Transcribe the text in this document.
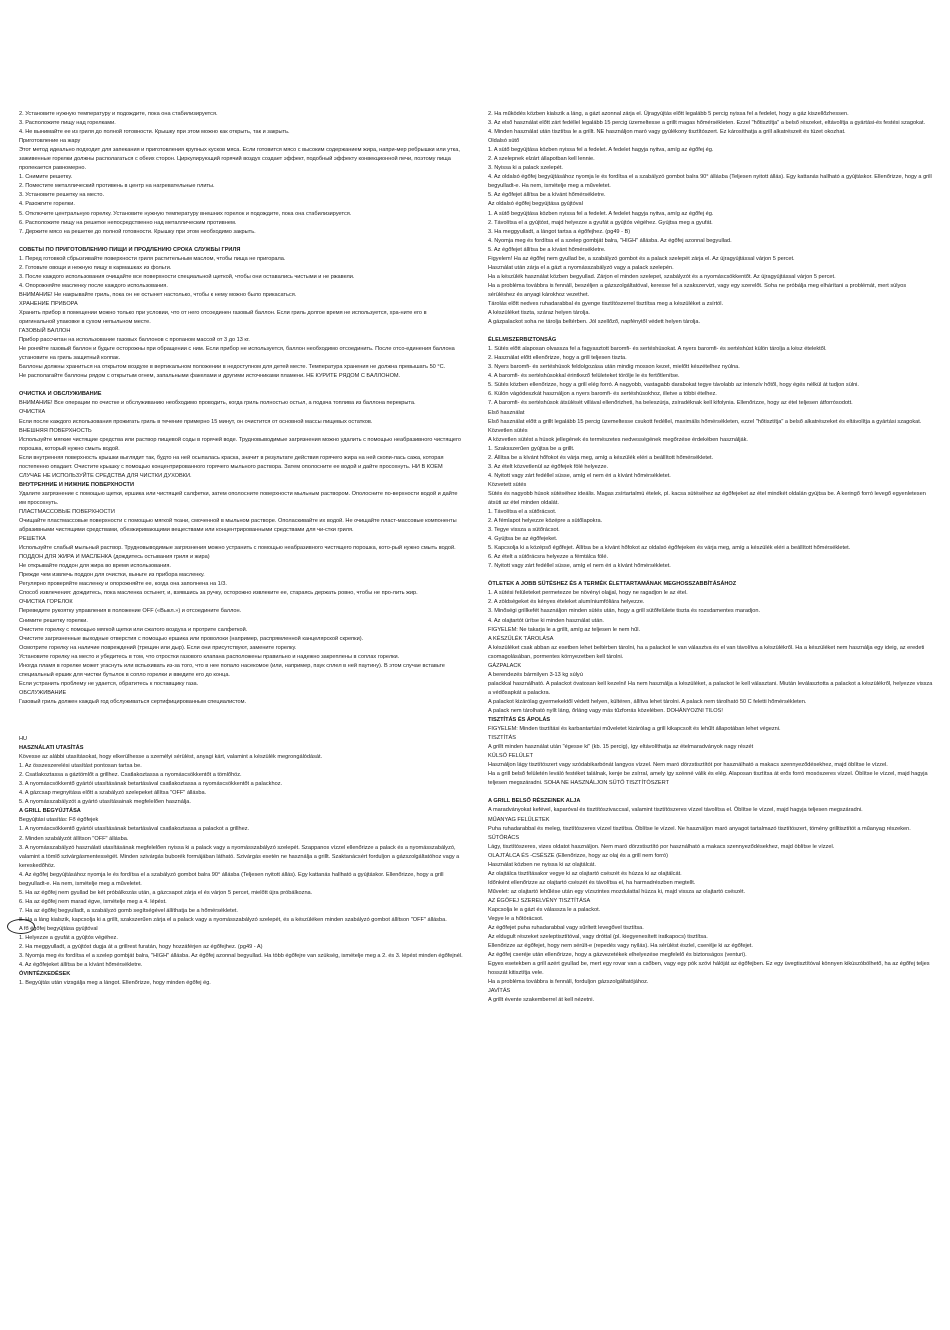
2. Установите нужную температуру и подождите, пока она стабилизируется.

3. Расположите пищу над горелками.

4. Не вынимайте ее из гриля до полной готовности. Крышку при этом можно как открыть, так и закрыть.

Приготовление на жару

Этот метод идеально подходит для запекания и приготовления крупных кусков мяса. Если готовится мясо с высоким содержанием жира, напри-мер ребрышки или утка, заживенные горелки должны располагаться с обеих сторон. Циркулирующий горячий воздух создает эффект, подобный эффекту конвекционной печи, поэтому пища пропекается равномерно.

1. Снимите решетку.

2. Поместите металлический противень в центр на нагревательные плиты.

3. Установите решетку на место.

4. Разожгите горелки.

5. Отключите центральную горелку. Установите нужную температуру внешних горелок и подождите, пока она стабилизируется.

6. Расположите пищу на решетке непосредственно над металлическим противнем.

7. Держите мясо на решетке до полной готовности. Крышку при этом необходимо закрыть.

СОВЕТЫ ПО ПРИГОТОВЛЕНИЮ ПИЩИ И ПРОДЛЕНИЮ СРОКА СЛУЖБЫ ГРИЛЯ

1. Перед готовкой сбрызгивайте поверхности гриля растительным маслом, чтобы пища не пригорала.

2. Готовьте овощи и нежную пищу в кармашках из фольги.

3. После каждого использования очищайте все поверхности специальной щеткой, чтобы они оставались чистыми и не ржавели.

4. Опорожняйте масленку после каждого использования.

ВНИМАНИЕ! Не накрывайте гриль, пока он не остынет настолько, чтобы к нему можно было прикасаться.

ХРАНЕНИЕ ПРИБОРА

Хранить прибор в помещении можно только при условии, что от него отсоединен газовый баллон. Если гриль долгое время не используется, хра-ните его в оригинальной упаковке в сухом непыльном месте.

ГАЗОВЫЙ БАЛЛОН

Прибор рассчитан на использование газовых баллонов с пропаном массой от 3 до 13 кг.

Не роняйте газовый баллон и будьте осторожны при обращении с ним. Если прибор не используется, баллон необходимо отсоединить. После отсо-единения баллона установите на гриль защитный колпак.

Баллоны должны храниться на открытом воздухе в вертикальном положении в недоступном для детей месте. Температура хранения не должна превышать 50 °C.

Не располагайте баллоны рядом с открытым огнем, запальными факелами и другими источниками пламени. НЕ КУРИТЕ РЯДОМ С БАЛЛОНОМ.

ОЧИСТКА И ОБСЛУЖИВАНИЕ

ВНИМАНИЕ! Все операции по очистке и обслуживанию необходимо проводить, когда гриль полностью остыл, а подача топлива из баллона перекрыта.

ОЧИСТКА

Если после каждого использования прожигать гриль в течение примерно 15 минут, он очистится от основной массы пищевых остатков.

ВНЕШНЯЯ ПОВЕРХНОСТЬ

Используйте мягкие чистящие средства или раствор пищевой соды в горячей воде. Трудновыводимые загрязнения можно удалить с помощью неабразивного чистящего порошка, который нужно смыть водой.

Если внутренняя поверхность крышки выглядит так, будто на ней осыпалась краска, значит в результате действия горячего жира на ней скопи-лась сажа, которая постепенно опадает. Очистите крышку с помощью концентрированного горячего мыльного раствора. Затем ополосните ее водой и дайте просохнуть. НИ В КОЕМ СЛУЧАЕ НЕ ИСПОЛЬЗУЙТЕ СРЕДСТВА ДЛЯ ЧИСТКИ ДУХОВКИ.

ВНУТРЕННИЕ И НИЖНИЕ ПОВЕРХНОСТИ

Удалите загрязнение с помощью щетки, ершика или чистящей салфетки, затем ополосните поверхности мыльным раствором. Ополосните по-верхности водой и дайте им просохнуть.

ПЛАСТМАССОВЫЕ ПОВЕРХНОСТИ

Очищайте пластмассовые поверхности с помощью мягкой ткани, смоченной в мыльном растворе. Ополаскивайте их водой. Не очищайте пласт-массовые компоненты абразивными чистящими средствами, обезжиривающими веществами или концентрированными средствами для чи-стки гриля.

РЕШЕТКА

Используйте слабый мыльный раствор. Трудновыводимые загрязнения можно устранить с помощью неабразивного чистящего порошка, кото-рый нужно смыть водой.

ПОДДОН ДЛЯ ЖИРА И МАСЛЕНКА (дождитесь остывания гриля и жира)

Не открывайте поддон для жира во время использования.

Прежде чем извлечь поддон для очистки, выньте из прибора масленку.

Регулярно проверяйте масленку и опорожняйте ее, когда она заполнена на 1/3.

Способ извлечения: дождитесь, пока масленка остынет, и, взявшись за ручку, осторожно извлеките ее, стараясь держать ровно, чтобы не про-лить жир.

ОЧИСТКА ГОРЕЛОК

Переведите рукоятку управления в положение OFF («Выкл.») и отсоедините баллон.

Снимите решетку горелки.

Очистите горелку с помощью мягкой щетки или сжатого воздуха и протрите салфеткой.

Очистите загрязненные выходные отверстия с помощью ершика или проволоки (например, распрямленной канцелярской скрепки).

Осмотрите горелку на наличие повреждений (трещин или дыр). Если они присутствуют, замените горелку.

Установите горелку на место и убедитесь в том, что отростки газового клапана расположены правильно и надежно закреплены в соплах горелки.

Иногда пламя в горелке может угаснуть или вспыхивать из-за того, что в нее попало насекомое (или, например, паук сплел в ней паутину). В этом случае вставьте специальный ершик для чистки бутылок в сопло горелки и введите его до конца.

Если устранить проблему не удается, обратитесь к поставщику газа.

ОБСЛУЖИВАНИЕ

Газовый гриль должен каждый год обслуживаться сертифицированным специалистом.

HU

HASZNÁLATI UTASÍTÁS

Kövesse az alábbi utasításokat, hogy elkerülhesse a személyi sérülést, anyagi kárt, valamint a készülék megrongálódását.

1. Az összeszerelési utasítást pontosan tartsa be.

2. Csatlakoztassa a gáztömlőt a grillhez. Csatlakoztassa a nyomáscsökkentőt a tömlőhöz.

3. A nyomáscsökkentő gyártói utasításának betartásával csatlakoztassa a nyomáscsökkentőt a palackhoz.

4. A gázcsap megnyitása előtt a szabályzó szelepeket állítsa "OFF" állásba.

5. A nyomásszabályzót a gyártó utasításainak megfelelően használja.

A GRILL BEGYÚJTÁSA

Begyújtási utasítás: Fő égőfejek

1. A nyomáscsökkentő gyártói utasításának betartásával csatlakoztassa a palackot a grillhez.

2. Minden szabályzót állítson "OFF" állásba.

3. A nyomásszabályzó használati utasításának megfelelően nyissa ki a palack vagy a nyomásszabályzó szelepét. Szappanos vízzel ellenőrizze a palack és a nyomásszabályzó, valamint a tömlő szivárgásmentességét. Minden szivárgás buborék formájában látható. Szivárgás esetén ne használja a grillt. Szaktanácsért forduljon a gázszolgáltatóhoz vagy a kereskedőhöz.

4. Az égőfej begyújtásához nyomja le és fordítsa el a szabályzó gombot balra 90° állásba (Teljesen nyitott állás). Egy kattanás hallható a gyújtáskor. Ellenőrizze, hogy a grill begyulladt-e. Ha nem, ismételje meg a műveletet.

5. Ha az égőfej nem gyullad be két próbálkozás után, a gázcsapot zárja el és várjon 5 percet, mielőtt újra próbálkozna.

6. Ha az égőfej nem marad égve, ismételje meg a 4. lépést.

7. Ha az égőfej begyulladt, a szabályzó gomb segítségével állíthatja be a hőmérsékletet.

8. Ha a láng kialszik, kapcsolja ki a grillt, szakszerűen zárja el a palack vagy a nyomásszabályzó szelepét, és a készüléken minden szabályzó gombot állítson "OFF" állásba.

A fő égőfej begyújtása gyújtóval

1. Helyezze a gyufát a gyújtós végéhez.

2. Ha meggyulladt, a gyújtóst dugja át a grillrest furatán, hogy hozzáférjen az égőfejhez. (pg49 - A)

3. Nyomja meg és fordítsa el a szelep gombját balra, "HIGH" állásba. Az égőfej azonnal begyullad. Ha több égőfejre van szükség, ismételje meg a 2. és 3. lépést minden égőfejnél.

4. Az égőfejeket állítsa be a kívánt hőmérsékletre.

ÓVINTÉZKEDÉSEK

1. Begyújtás után vizsgálja meg a lángot. Ellenőrizze, hogy minden égőfej ég.

2. Ha működés közben kialszik a láng, a gázt azonnal zárja el. Újragyújtás előtt legalább 5 percig nyissa fel a fedelet, hogy a gáz kiszellőzhessen.

3. Az első használat előtt zárt fedéllel legalább 15 percig üzemeltesse a grillt magas hőmérsékleten. Ezzel "hőtisztítja" a belső részeket, eltávolítja a gyártási-és festési szagokat.

4. Minden használat után tisztítsa le a grillt. NE használjon maró vagy gyúlékony tisztítószert. Ez károsíthatja a grill alkatrészeit és tüzet okozhat.

Oldalsó sütő

1. A sütő begyújtása közben nyissa fel a fedelet. A fedelet hagyja nyitva, amíg az égőfej ég.

2. A szelepnek elzárt állapotban kell lennie.

3. Nyissa ki a palack szelepét.

4. Az oldalsó égőfej begyújtásához nyomja le és fordítsa el a szabályzó gombot balra 90° állásba (Teljesen nyitott állás). Egy kattanás hallható a gyújtáskor. Ellenőrizze, hogy a grill begyulladt-e. Ha nem, ismételje meg a műveletet.

5. Az égőfejet állítsa be a kívánt hőmérsékletre.

Az oldalsó égőfej begyújtása gyújtóval

1. A sütő begyújtása közben nyissa fel a fedelet. A fedelet hagyja nyitva, amíg az égőfej ég.

2. Távolítsa el a gyújtóst, majd helyezze a gyufát a gyújtós végéhez. Gyújtsa meg a gyufát.

3. Ha meggyulladt, a lángot tartsa a égőfejhez. (pg49 - B)

4. Nyomja meg és fordítsa el a szelep gombját balra, "HIGH" állásba. Az égőfej azonnal begyullad.

5. Az égőfejet állítsa be a kívánt hőmérsékletre.

Figyelem! Ha az égőfej nem gyullad be, a szabályzó gombot és a palack szelepét zárja el. Az újragyújtással várjon 5 percet.

Használat után zárja el a gázt a nyomásszabályzó vagy a palack szelepén.

Ha a készülék használat közben begyullad. Zárjon el minden szelepet, szabályzót és a nyomáscsökkentőt. Az újragyújtással várjon 5 percet.

Ha a probléma továbbra is fennáll, beszéljen a gázszolgáltatóval, keresse fel a szakszervizt, vagy egy szerelőt. Soha ne próbálja meg elhárítani a problémát, mert súlyos sérüléshez és anyagi károkhoz vezethet.

Tárolás előtt nedves ruhadarabbal és gyenge tisztítószerrel tisztítsa meg a készüléket a zsírtól.

A készüléket tiszta, száraz helyen tárolja.

A gázpalackot soha ne tárolja beltérben. Jól szellőző, napfénytől védett helyen tárolja.

ÉLELMISZERBIZTONSÁG

1. Sütés előtt alaposan olvassza fel a fagyasztott baromfi- és sertéshúsokat. A nyers baromfi- és sertéshúst külön tárolja a kész ételektől.

2. Használat előtt ellenőrizze, hogy a grill teljesen tiszta.

3. Nyers baromfi- és sertéshúsok feldolgozása után mindig mosson kezet, mielőtt készételhez nyúlna.

4. A baromfi- és sertéshúsokkal érintkező felületeket törölje le és fertőtlenítse.

5. Sütés közben ellenőrizze, hogy a grill elég forró. A nagyobb, vastagabb darabokat tegye távolabb az intenzív hőtől, hogy égés nélkül át tudjon sülni.

6. Külön vágódeszkát használjon a nyers baromfi- és sertéshúsokhoz, illetve a többi ételhez.

7. A baromfi- és sertéshúsok átsülését villával ellenőrizheti, ha beleszúrja, zsíradéknak kell kifolynia. Ellenőrizze, hogy az étel teljesen átforrósodott.

Első használat

Első használat előtt a grillt legalább 15 percig üzemeltesse csukott fedéllel, maximális hőmérsékleten, ezzel "hőtisztítja" a belső alkatrészeket és eltávolítja a gyártási szagokat.

Közvetlen sütés

A közvetlen sütést a húsok jellegének és természetes nedvességének megőrzése érdekében használják.

1. Szaksszerűen gyújtsa be a grillt.

2. Állítsa be a kívánt hőfokot és várja meg, amíg a készülék eléri a beállított hőmérsékletet.

3. Az ételt közvetlenül az égőfejek fölé helyezze.

4. Nyitott vagy zárt fedéllel süsse, amíg el nem éri a kívánt hőmérsékletet.

Közvetett sütés

Sütés és nagyobb húsok sütéséhez ideális. Magas zsírtartalmú ételek, pl. kacsa sütéséhez az égőfejeket az étel mindkét oldalán gyújtsa be. A keringő forró levegő egyenletesen átsüti az étel minden oldalát.

1. Távolítsa el a sütőrácsot.

2. A fémlapot helyezze középre a sütőlapokra.

3. Tegye vissza a sütőrácsot.

4. Gyújtsa be az égőfejeket.

5. Kapcsolja ki a középső égőfejet. Állítsa be a kívánt hőfokot az oldalsó égőfejeken és várja meg, amíg a készülék eléri a beállított hőmérsékletet.

6. Az ételt a sütőrácsra helyezze a fémtálca fölé.

7. Nyitott vagy zárt fedéllel süsse, amíg el nem éri a kívánt hőmérsékletet.

ÖTLETEK A JOBB SÜTÉSHEZ ÉS A TERMÉK ÉLETTARTAMÁNAK MEGHOSSZABBÍTÁSÁHOZ

1. A sütési felületeket permetezze be növényi olajjal, hogy ne ragadjon le az étel.

2. A zöldségeket és kényes ételeket alumíniumfóliára helyezze.

3. Minőségi grillkefét használjon minden sütés után, hogy a grill sütőfelülete tiszta és rozsdamentes maradjon.

4. Az olajtartót ürítse ki minden használat után.

FIGYELEM: Ne takarja le a grillt, amíg az teljesen le nem hűl.

A KÉSZÜLÉK TÁROLÁSA

A készüléket csak abban az esetben lehet beltérben tárolni, ha a palackot le van választva és el van távolítva a készülékről. Ha a készüléket nem használja egy ideig, az eredeti csomagolásában, pormentes környezetben kell tárolni.

GÁZPALACK

A berendezés bármilyen 3-13 kg súlyú

palackkal használható. A palackot óvatosan kell kezelni! Ha nem használja a készüléket, a palackot le kell választani. Miután leválasztotta a palackot a készülékről, helyezze vissza a védősapkát a palackra.

A palackot kizárólag gyermekektől védett helyen, kültéren, állítva lehet tárolni. A palack nem tárolható 50 C feletti hőmérsékleten.

A palack nem tárolható nyílt láng, őrláng vagy más tűzforrás közelében. DOHÁNYOZNI TILOS!

TISZTÍTÁS ÉS ÁPOLÁS

FIGYELEM: Minden tisztítási és karbantartási műveletet kizárólag a grill kikapcsolt és lehűlt állapotában lehet végezni.

TISZTÍTÁS

A grillt minden használat után "égesse ki" (kb. 15 percig), így eltávolíthatja az ételmaradványok nagy részét

KÜLSŐ FELÜLET

Használjon lágy tisztítószert vagy szódabikarbónát langyos vízzel. Nem maró dörzstisztítót por használható a makacs szennyeződésekhez, majd öblítse le vízzel.

Ha a grill belső felületén leváló festéket találnak, kenje be zsírral, amely így szénné válik és elég. Alaposan tisztítsa át erős forró mosószeres vízzel. Öblítse le vízzel, majd hagyja teljesen megszáradni. SOHA NE HASZNÁLJON SÜTŐ TISZTÍTÓSZERT

A GRILL BELSŐ RÉSZEINEK ALJA

A maradványokat kefével, kaparóval és tisztítószivaccsal, valamint tisztítószeres vízzel távolítsa el. Öblítse le vízzel, majd hagyja teljesen megszáradni.

MŰANYAG FELÜLETEK

Puha ruhadarabbal és meleg, tisztítószeres vízzel tisztítsa. Öblítse le vízzel. Ne használjon maró anyagot tartalmazó tisztítószert, tömény grilltisztítót a műanyag részeken.

SÜTŐRÁCS

Lágy, tisztítószeres, vizes oldatot használjon. Nem maró dörzstisztító por használható a makacs szennyeződésekhez, majd öblítse le vízzel.

OLAJTÁLCA ÉS -CSÉSZE (Ellenőrizze, hogy az olaj és a grill nem forró)

Használat közben ne nyissa ki az olajtálcát.

Az olajtálca tisztításakor vegye ki az olajtartó csészét és húzza ki az olajtálcát.

Időnként ellenőrizze az olajtartó csészét és távolítsa el, ha harmadrészben megtellt.

Művelet: az olajtartó lehűlése után egy vízszintes mozdulattal húzza ki, majd vissza az olajtartó csészét.

AZ ÉGŐFEJ SZERELVÉNY TISZTÍTÁSA

Kapcsolja le a gázt és válassza le a palackot.

Vegye le a hőtörácsot.

Az égőfejet puha ruhadarabbal vagy sűrített levegővel tisztítsa.

Az eldugult részeket szeleptisztítóval, vagy dróttal (pl. kiegyenesített iratkapocs) tisztítsa.

Ellenőrizze az égőfejet, hogy nem sérült-e (repedés vagy nyílás). Ha sérülést észlel, cserélje ki az égőfejet.

Az égőfej cseréje után ellenőrizze, hogy a gázvezetékek elhelyezése megfelelő és biztonságos (venturi).

Egyes esetekben a grill azért gyullad be, mert egy rovar van a csőben, vagy egy pók szövi hálóját az égőfejben. Ez egy üvegtisztítóval könnyen kikúszóbölhető, ha az égőfej teljes hosszát kitisztítja vele.

Ha a probléma továbbra is fennáll, forduljon gázszolgáltatójához.

JAVÍTÁS

A grillt évente szakemberrel át kell nézetni.
